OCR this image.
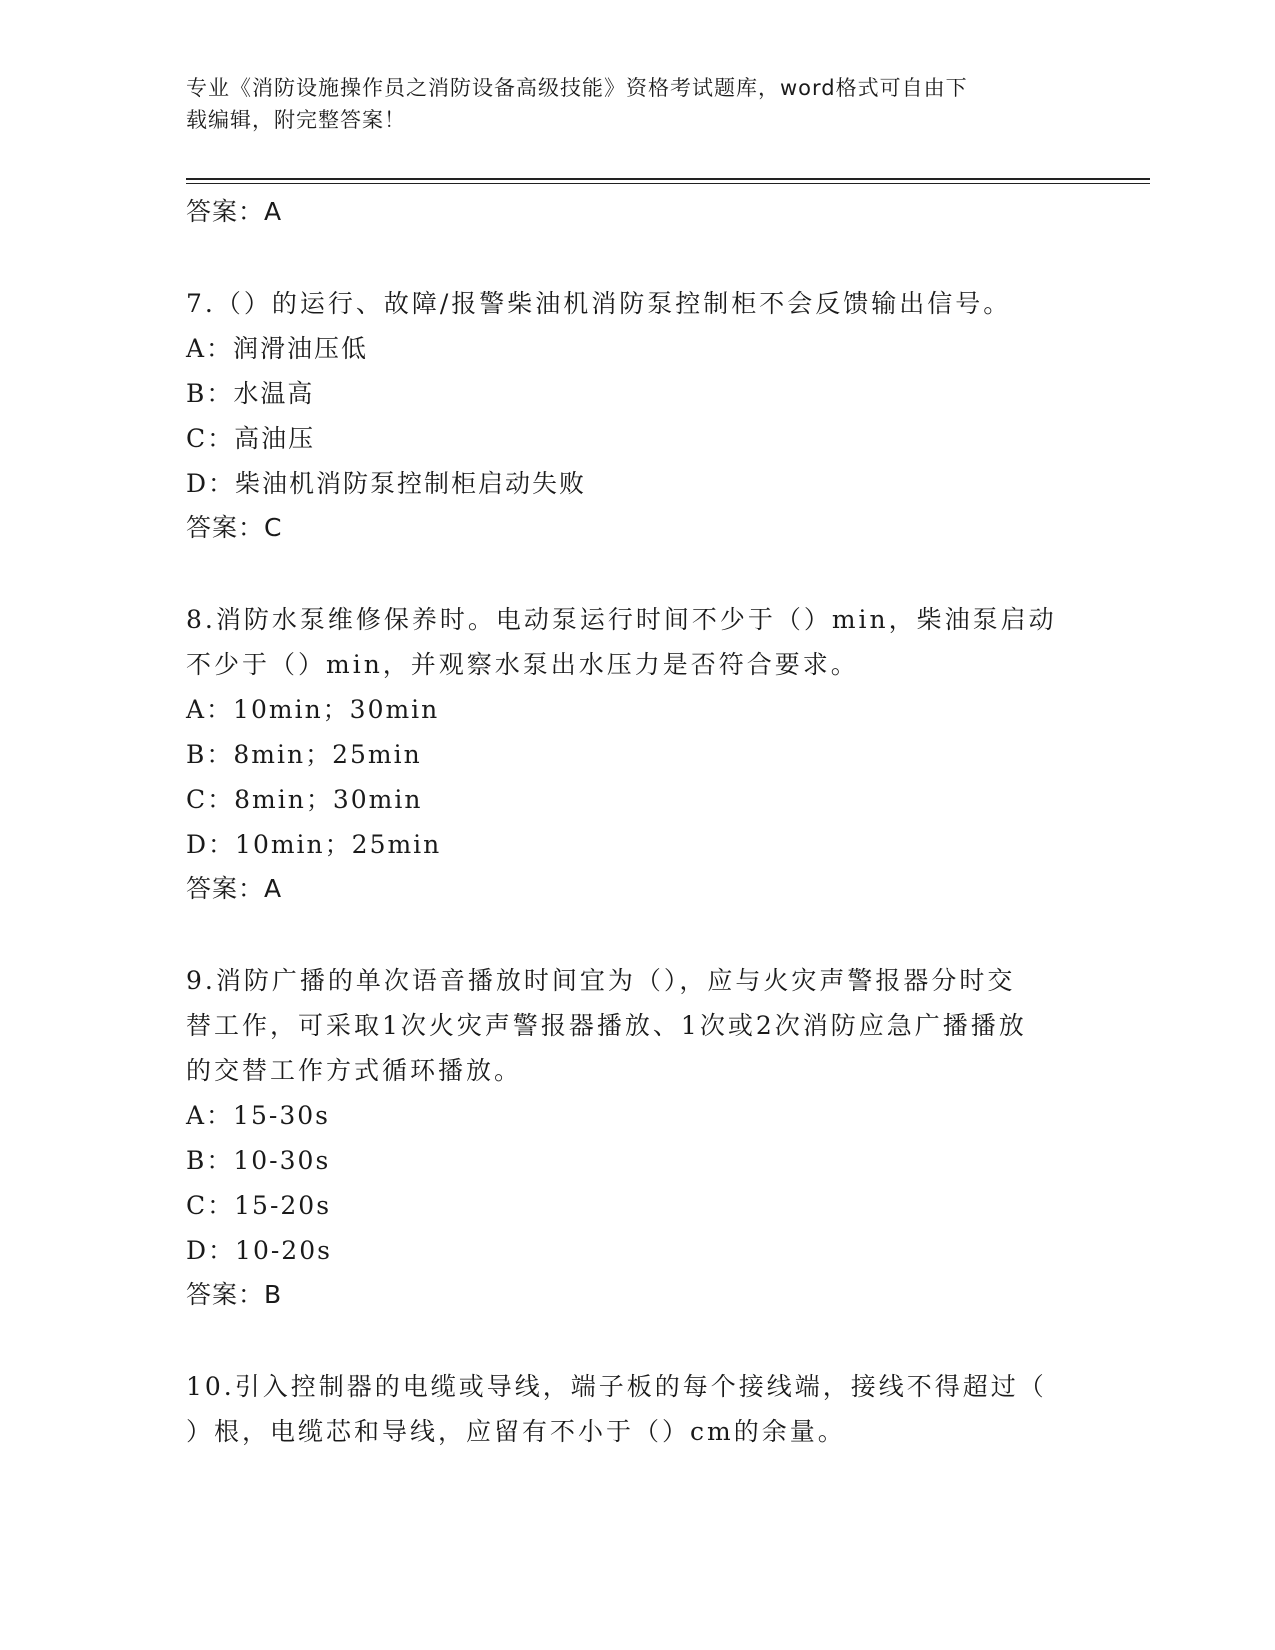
专业《消防设施操作员之消防设备高级技能》资格考试题库，word格式可自由下
载编辑，附完整答案！
答案：A
7.（）的运行、故障/报警柴油机消防泵控制柜不会反馈输出信号。
A：润滑油压低
B：水温高
C：高油压
D：柴油机消防泵控制柜启动失败
答案：C
8.消防水泵维修保养时。电动泵运行时间不少于（）min，柴油泵启动
不少于（）min，并观察水泵出水压力是否符合要求。
A：10min；30min
B：8min；25min
C：8min；30min
D：10min；25min
答案：A
9.消防广播的单次语音播放时间宜为（），应与火灾声警报器分时交
替工作，可采取1次火灾声警报器播放、1次或2次消防应急广播播放
的交替工作方式循环播放。
A：15-30s
B：10-30s
C：15-20s
D：10-20s
答案：B
10.引入控制器的电缆或导线，端子板的每个接线端，接线不得超过（
）根，电缆芯和导线，应留有不小于（）cm的余量。
